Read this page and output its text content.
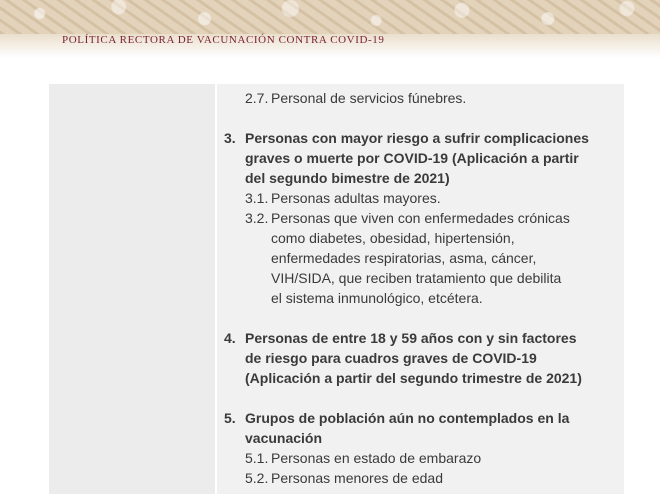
POLÍTICA RECTORA DE VACUNACIÓN CONTRA COVID-19
2.7. Personal de servicios fúnebres.
3. Personas con mayor riesgo a sufrir complicaciones
graves o muerte por COVID-19 (Aplicación a partir
del segundo bimestre de 2021)
3.1. Personas adultas mayores.
3.2. Personas que viven con enfermedades crónicas
como diabetes, obesidad, hipertensión,
enfermedades respiratorias, asma, cáncer,
VIH/SIDA, que reciben tratamiento que debilita
el sistema inmunológico, etcétera.
4. Personas de entre 18 y 59 años con y sin factores
de riesgo para cuadros graves de COVID-19
(Aplicación a partir del segundo trimestre de 2021)
5. Grupos de población aún no contemplados en la
vacunación
5.1. Personas en estado de embarazo
5.2. Personas menores de edad
